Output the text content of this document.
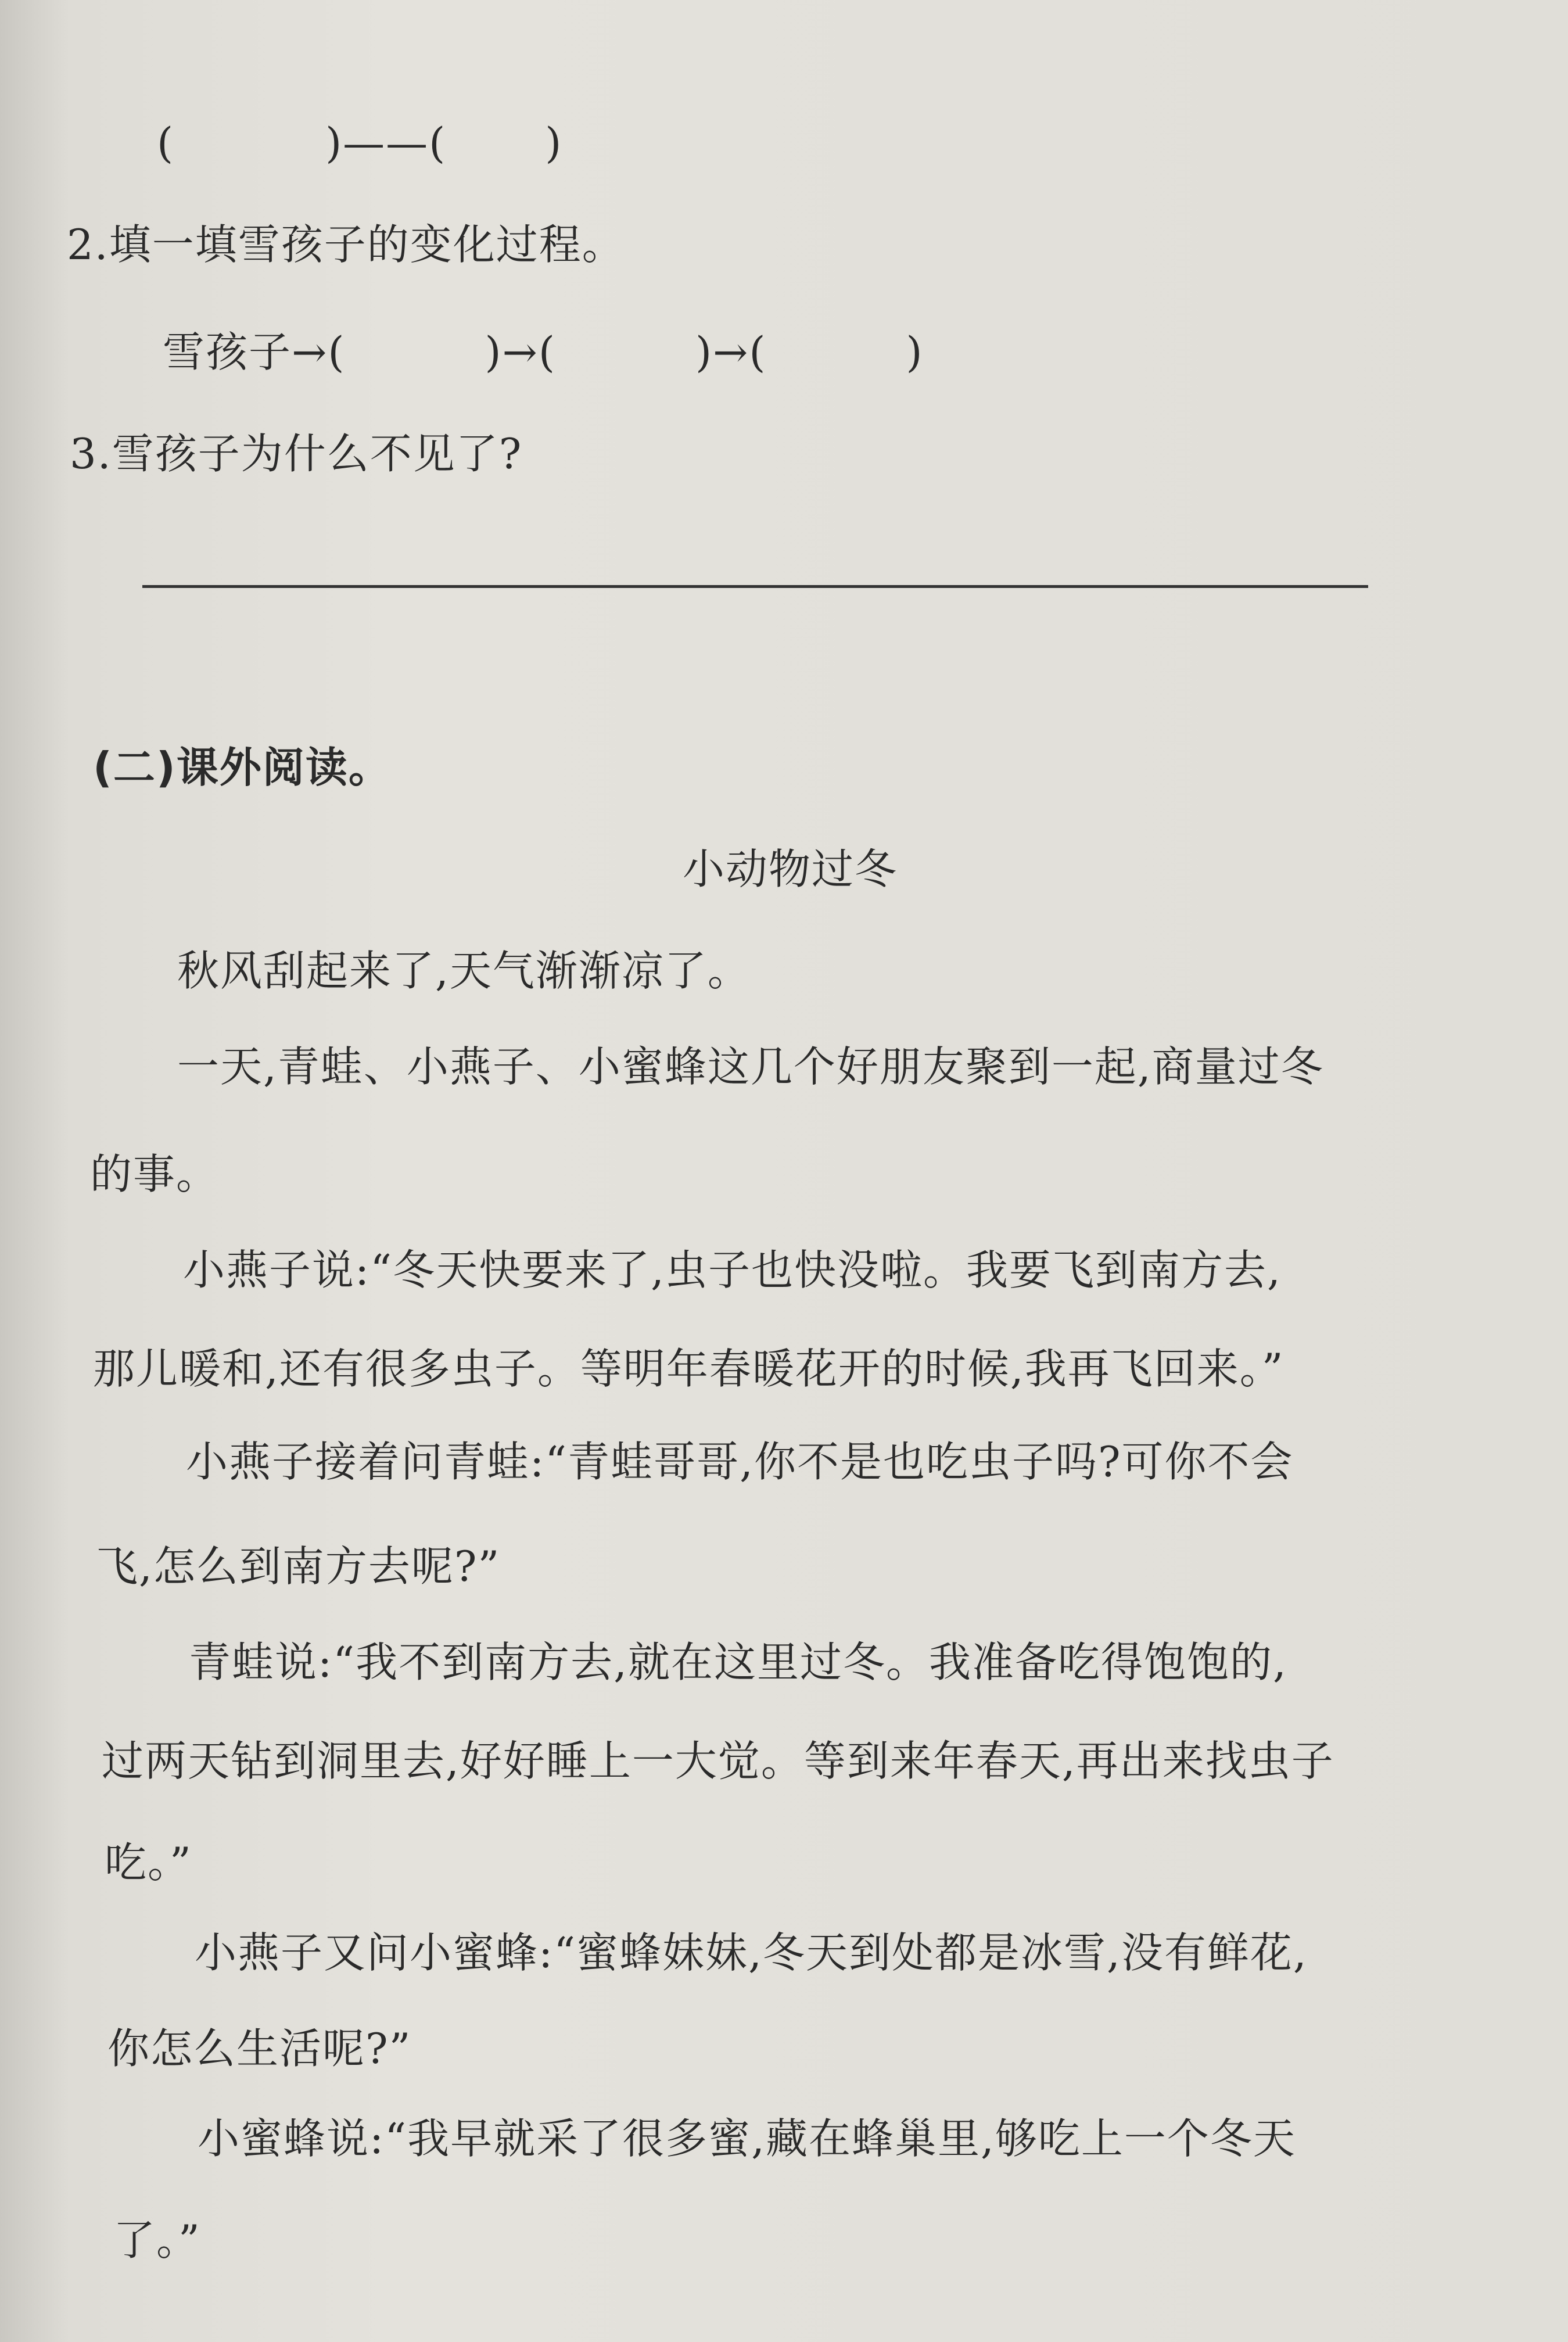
(	)——( )
2.填一填雪孩子的变化过程。
雪孩子→(	)→(	)→(	)
3.雪孩子为什么不见了?
(二)课外阅读。
小动物过冬
秋风刮起来了,天气渐渐凉了。
一天,青蛙、小燕子、小蜜蜂这几个好朋友聚到一起,商量过冬
的事。
小燕子说:“冬天快要来了,虫子也快没啦。我要飞到南方去,
那儿暖和,还有很多虫子。等明年春暖花开的时候,我再飞回来。”
小燕子接着问青蛙:“青蛙哥哥,你不是也吃虫子吗?可你不会
飞,怎么到南方去呢?”
青蛙说:“我不到南方去,就在这里过冬。我准备吃得饱饱的,
过两天钻到洞里去,好好睡上一大觉。等到来年春天,再出来找虫子
吃。”
小燕子又问小蜜蜂:“蜜蜂妹妹,冬天到处都是冰雪,没有鲜花,
你怎么生活呢?”
小蜜蜂说:“我早就采了很多蜜,藏在蜂巢里,够吃上一个冬天
了。”
